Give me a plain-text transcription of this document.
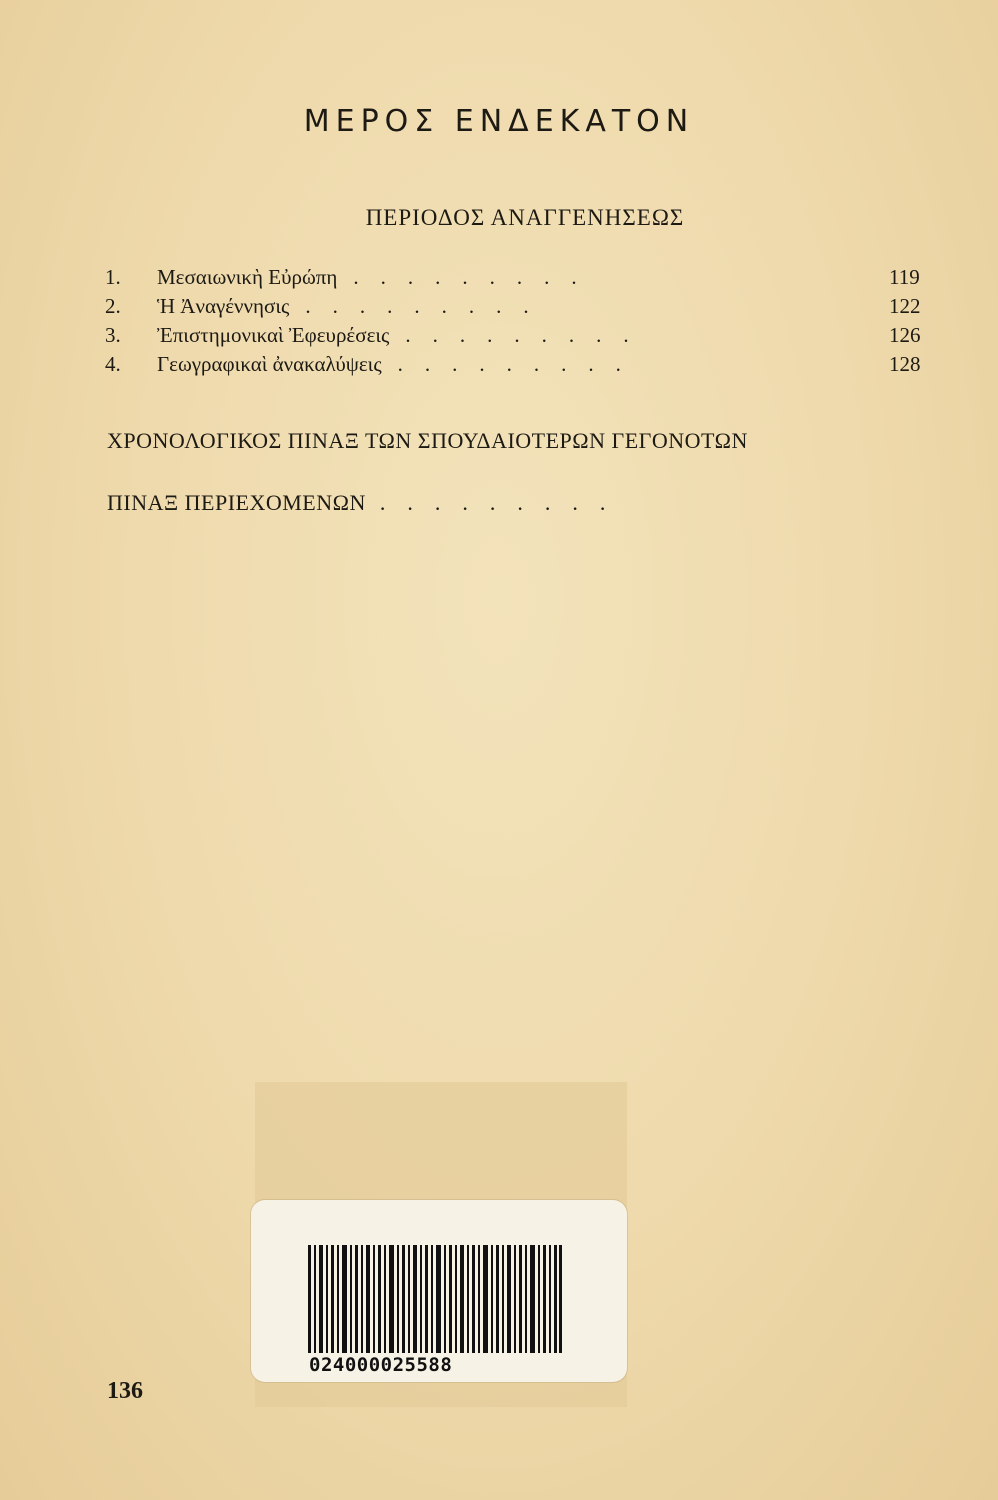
ΜΕΡΟΣ ΕΝΔΕΚΑΤΟΝ
ΠΕΡΙΟΔΟΣ ΑΝΑΓΓΕΝΗΣΕΩΣ
1.	Μεσαιωνικὴ Εὐρώπη .........	119
2.	Ἡ Ἀναγέννησις .........	122
3.	Ἐπιστημονικαὶ Ἐφευρέσεις .........	126
4.	Γεωγραφικαὶ ἀνακαλύψεις .........	128
ΧΡΟΝΟΛΟΓΙΚΟΣ ΠΙΝΑΞ ΤΩΝ ΣΠΟΥΔΑΙΟΤΕΡΩΝ ΓΕΓΟΝΟΤΩΝ
ΠΙΝΑΞ ΠΕΡΙΕΧΟΜΕΝΩΝ .........
136
024000025588
